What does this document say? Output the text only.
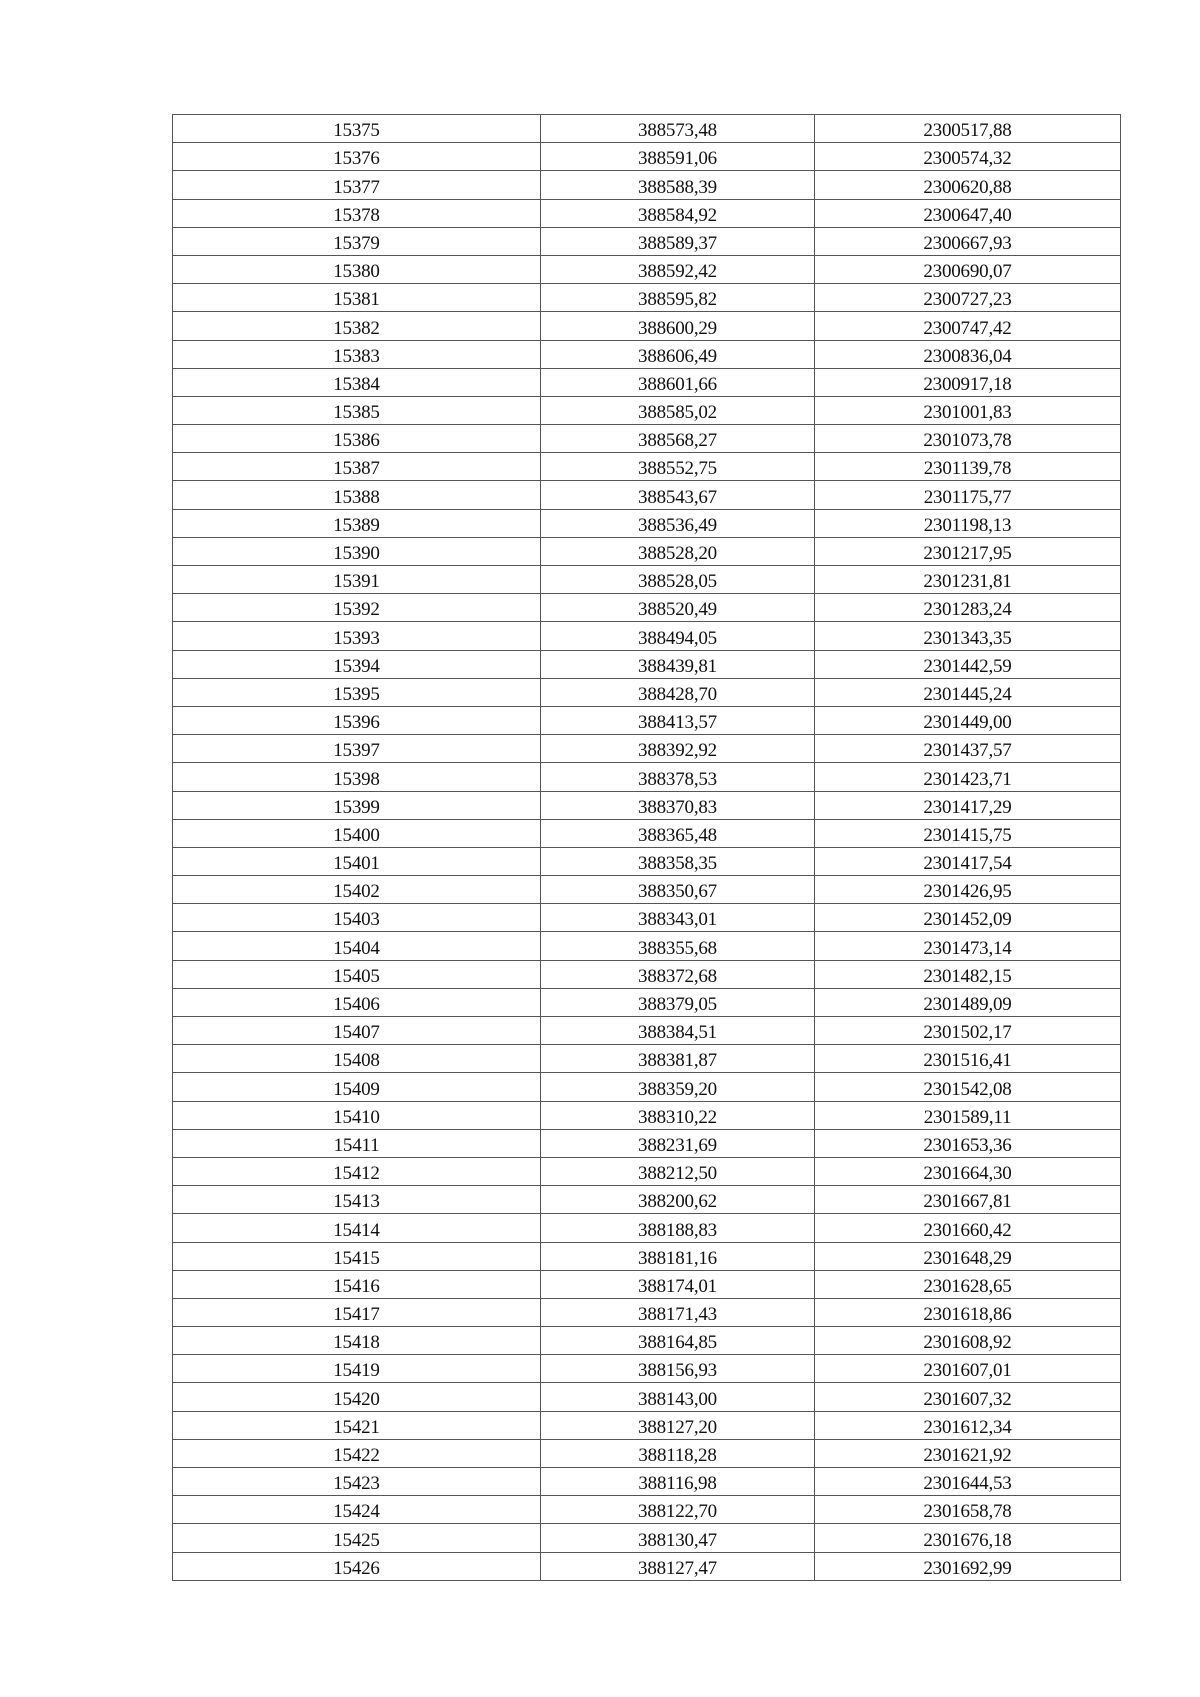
15375	388573,48	2300517,88
15376	388591,06	2300574,32
15377	388588,39	2300620,88
15378	388584,92	2300647,40
15379	388589,37	2300667,93
15380	388592,42	2300690,07
15381	388595,82	2300727,23
15382	388600,29	2300747,42
15383	388606,49	2300836,04
15384	388601,66	2300917,18
15385	388585,02	2301001,83
15386	388568,27	2301073,78
15387	388552,75	2301139,78
15388	388543,67	2301175,77
15389	388536,49	2301198,13
15390	388528,20	2301217,95
15391	388528,05	2301231,81
15392	388520,49	2301283,24
15393	388494,05	2301343,35
15394	388439,81	2301442,59
15395	388428,70	2301445,24
15396	388413,57	2301449,00
15397	388392,92	2301437,57
15398	388378,53	2301423,71
15399	388370,83	2301417,29
15400	388365,48	2301415,75
15401	388358,35	2301417,54
15402	388350,67	2301426,95
15403	388343,01	2301452,09
15404	388355,68	2301473,14
15405	388372,68	2301482,15
15406	388379,05	2301489,09
15407	388384,51	2301502,17
15408	388381,87	2301516,41
15409	388359,20	2301542,08
15410	388310,22	2301589,11
15411	388231,69	2301653,36
15412	388212,50	2301664,30
15413	388200,62	2301667,81
15414	388188,83	2301660,42
15415	388181,16	2301648,29
15416	388174,01	2301628,65
15417	388171,43	2301618,86
15418	388164,85	2301608,92
15419	388156,93	2301607,01
15420	388143,00	2301607,32
15421	388127,20	2301612,34
15422	388118,28	2301621,92
15423	388116,98	2301644,53
15424	388122,70	2301658,78
15425	388130,47	2301676,18
15426	388127,47	2301692,99
